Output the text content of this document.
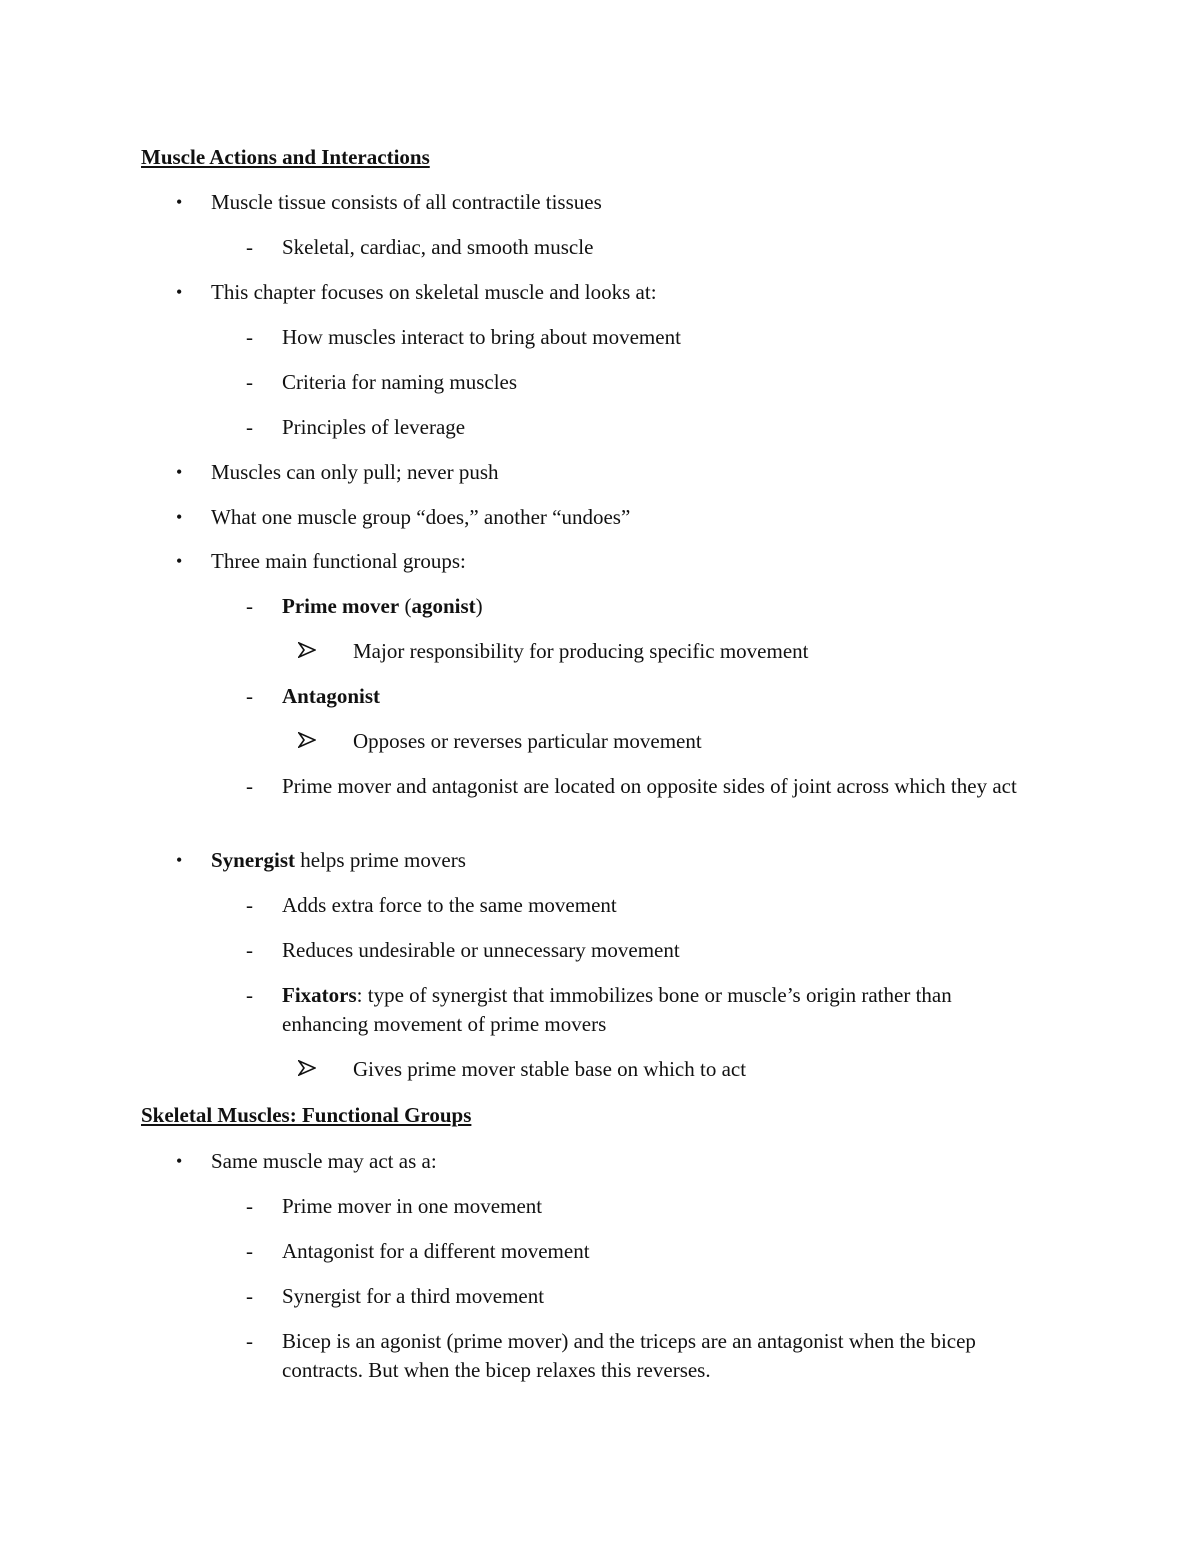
Muscle Actions and Interactions
• Muscle tissue consists of all contractile tissues
- Skeletal, cardiac, and smooth muscle
• This chapter focuses on skeletal muscle and looks at:
- How muscles interact to bring about movement
- Criteria for naming muscles
- Principles of leverage
• Muscles can only pull; never push
• What one muscle group “does,” another “undoes”
• Three main functional groups:
- Prime mover (agonist)
Major responsibility for producing specific movement
- Antagonist
Opposes or reverses particular movement
- Prime mover and antagonist are located on opposite sides of joint across which they act
• Synergist helps prime movers
- Adds extra force to the same movement
- Reduces undesirable or unnecessary movement
- Fixators: type of synergist that immobilizes bone or muscle’s origin rather than enhancing movement of prime movers
Gives prime mover stable base on which to act
Skeletal Muscles: Functional Groups
• Same muscle may act as a:
- Prime mover in one movement
- Antagonist for a different movement
- Synergist for a third movement
- Bicep is an agonist (prime mover) and the triceps are an antagonist when the bicep contracts. But when the bicep relaxes this reverses.
